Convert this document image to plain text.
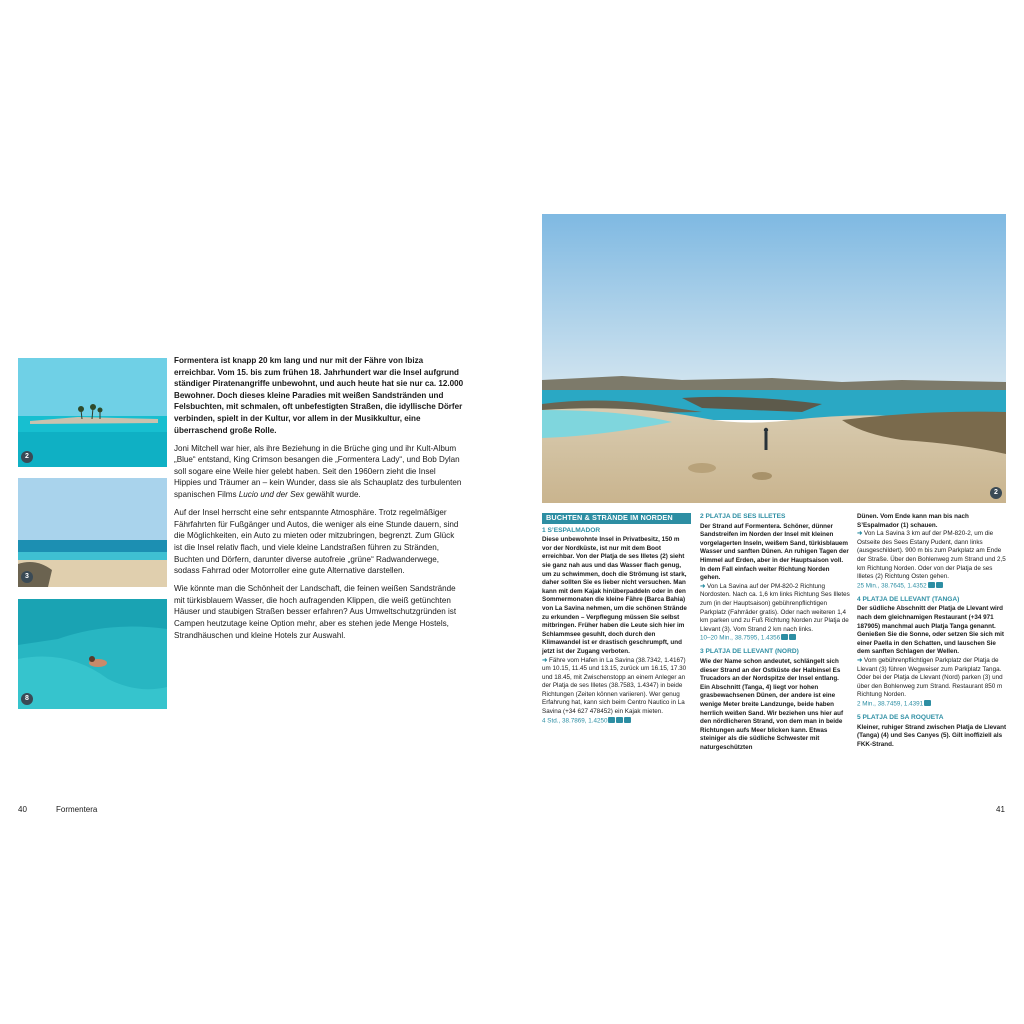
2
3
8

Formentera ist knapp 20 km lang und nur mit der Fähre von Ibiza erreichbar. Vom 15. bis zum frühen 18. Jahrhundert war die Insel aufgrund ständiger Piratenangriffe unbewohnt, und auch heute hat sie nur ca. 12.000 Bewohner. Doch dieses kleine Paradies mit weißen Sandstränden und Felsbuchten, mit schmalen, oft unbefestigten Straßen, die idyllische Dörfer verbinden, spielt in der Kultur, vor allem in der Musikkultur, eine überraschend große Rolle.

Joni Mitchell war hier, als ihre Beziehung in die Brüche ging und ihr Kult-Album „Blue“ entstand, King Crimson besangen die „Formentera Lady“, und Bob Dylan soll sogare eine Weile hier gelebt haben. Seit den 1960ern zieht die Insel Hippies und Träumer an – kein Wunder, dass sie als Schauplatz des turbulenten spanischen Films Lucio und der Sex gewählt wurde.

Auf der Insel herrscht eine sehr entspannte Atmosphäre. Trotz regelmäßiger Fährfahrten für Fußgänger und Autos, die weniger als eine Stunde dauern, sind die Möglichkeiten, ein Auto zu mieten oder mitzubringen, begrenzt. Zum Glück ist die Insel relativ flach, und viele kleine Landstraßen führen zu Stränden, Buchten und Dörfern, darunter diverse autofreie „grüne“ Radwanderwege, sodass Fahrrad oder Motorroller eine gute Alternative darstellen.

Wie könnte man die Schönheit der Landschaft, die feinen weißen Sandstrände mit türkisblauem Wasser, die hoch aufragenden Klippen, die weiß getünchten Häuser und staubigen Straßen besser erfahren? Aus Umweltschutzgründen ist Campen heutzutage keine Option mehr, aber es stehen jede Menge Hostels, Strandhäuschen und kleine Hotels zur Auswahl.

40	Formentera
2
BUCHTEN & STRÄNDE IM NORDEN
1 S’ESPALMADOR

Diese unbewohnte Insel in Privatbesitz, 150 m vor der Nordküste, ist nur mit dem Boot erreichbar. Von der Platja de ses Illetes (2) sieht sie ganz nah aus und das Wasser flach genug, um zu schwimmen, doch die Strömung ist stark, daher sollten Sie es lieber nicht versuchen. Man kann mit dem Kajak hinüberpaddeln oder in den Sommermonaten die kleine Fähre (Barca Bahia) von La Savina nehmen, um die schönen Strände zu erkunden – Verpflegung müssen Sie selbst mitbringen. Früher haben die Leute sich hier im Schlammsee gesuhlt, doch durch den Klimawandel ist er drastisch geschrumpft, und jetzt ist der Zugang verboten.

➜ Fähre vom Hafen in La Savina (38.7342, 1.4167) um 10.15, 11.45 und 13.15, zurück um 16.15, 17.30 und 18.45, mit Zwischenstopp an einem Anleger an der Platja de ses Illetes (38.7583, 1.4347) in beide Richtungen (Zeiten können variieren). Wer genug Erfahrung hat, kann sich beim Centro Nautico in La Savina (+34 627 478452) ein Kajak mieten.

4 Std., 38.7869, 1.4250

2 PLATJA DE SES ILLETES

Der Strand auf Formentera. Schöner, dünner Sandstreifen im Norden der Insel mit kleinen vorgelagerten Inseln, weißem Sand, türkisblauem Wasser und sanften Dünen. An ruhigen Tagen der Himmel auf Erden, aber in der Hauptsaison voll. In dem Fall einfach weiter Richtung Norden gehen.

➜ Von La Savina auf der PM-820-2 Richtung Nordosten. Nach ca. 1,6 km links Richtung Ses Illetes zum (in der Hauptsaison) gebührenpflichtigen Parkplatz (Fahrräder gratis). Oder nach weiteren 1,4 km parken und zu Fuß Richtung Norden zur Platja de Llevant (3). Vom Strand 2 km nach links.

10–20 Min., 38.7595, 1.4356

3 PLATJA DE LLEVANT (NORD)

Wie der Name schon andeutet, schlängelt sich dieser Strand an der Ostküste der Halbinsel Es Trucadors an der Nordspitze der Insel entlang. Ein Abschnitt (Tanga, 4) liegt vor hohen grasbewachsenen Dünen, der andere ist eine wenige Meter breite Landzunge, beide haben herrlich weißen Sand. Wir beziehen uns hier auf den nördlicheren Strand, von dem man in beide Richtungen aufs Meer blicken kann. Etwas steiniger als die südliche Schwester mit naturgeschützten

Dünen. Vom Ende kann man bis nach S’Espalmador (1) schauen.

➜ Von La Savina 3 km auf der PM-820-2, um die Ostseite des Sees Estany Pudent, dann links (ausgeschildert). 900 m bis zum Parkplatz am Ende der Straße. Über den Bohlenweg zum Strand und 2,5 km Richtung Norden. Oder von der Platja de ses Illetes (2) Richtung Osten gehen.

25 Min., 38.7645, 1.4352

4 PLATJA DE LLEVANT (TANGA)

Der südliche Abschnitt der Platja de Llevant wird nach dem gleichnamigen Restaurant (+34 971 187905) manchmal auch Platja Tanga genannt. Genießen Sie die Sonne, oder setzen Sie sich mit einer Paella in den Schatten, und lauschen Sie dem sanften Schlagen der Wellen.

➜ Vom gebührenpflichtigen Parkplatz der Platja de Llevant (3) führen Wegweiser zum Parkplatz Tanga. Oder bei der Platja de Llevant (Nord) parken (3) und über den Bohlenweg zum Strand. Restaurant 850 m Richtung Norden.

2 Min., 38.7459, 1.4391

5 PLATJA DE SA ROQUETA

Kleiner, ruhiger Strand zwischen Platja de Llevant (Tanga) (4) und Ses Canyes (5). Gilt inoffiziell als FKK-Strand.

41
